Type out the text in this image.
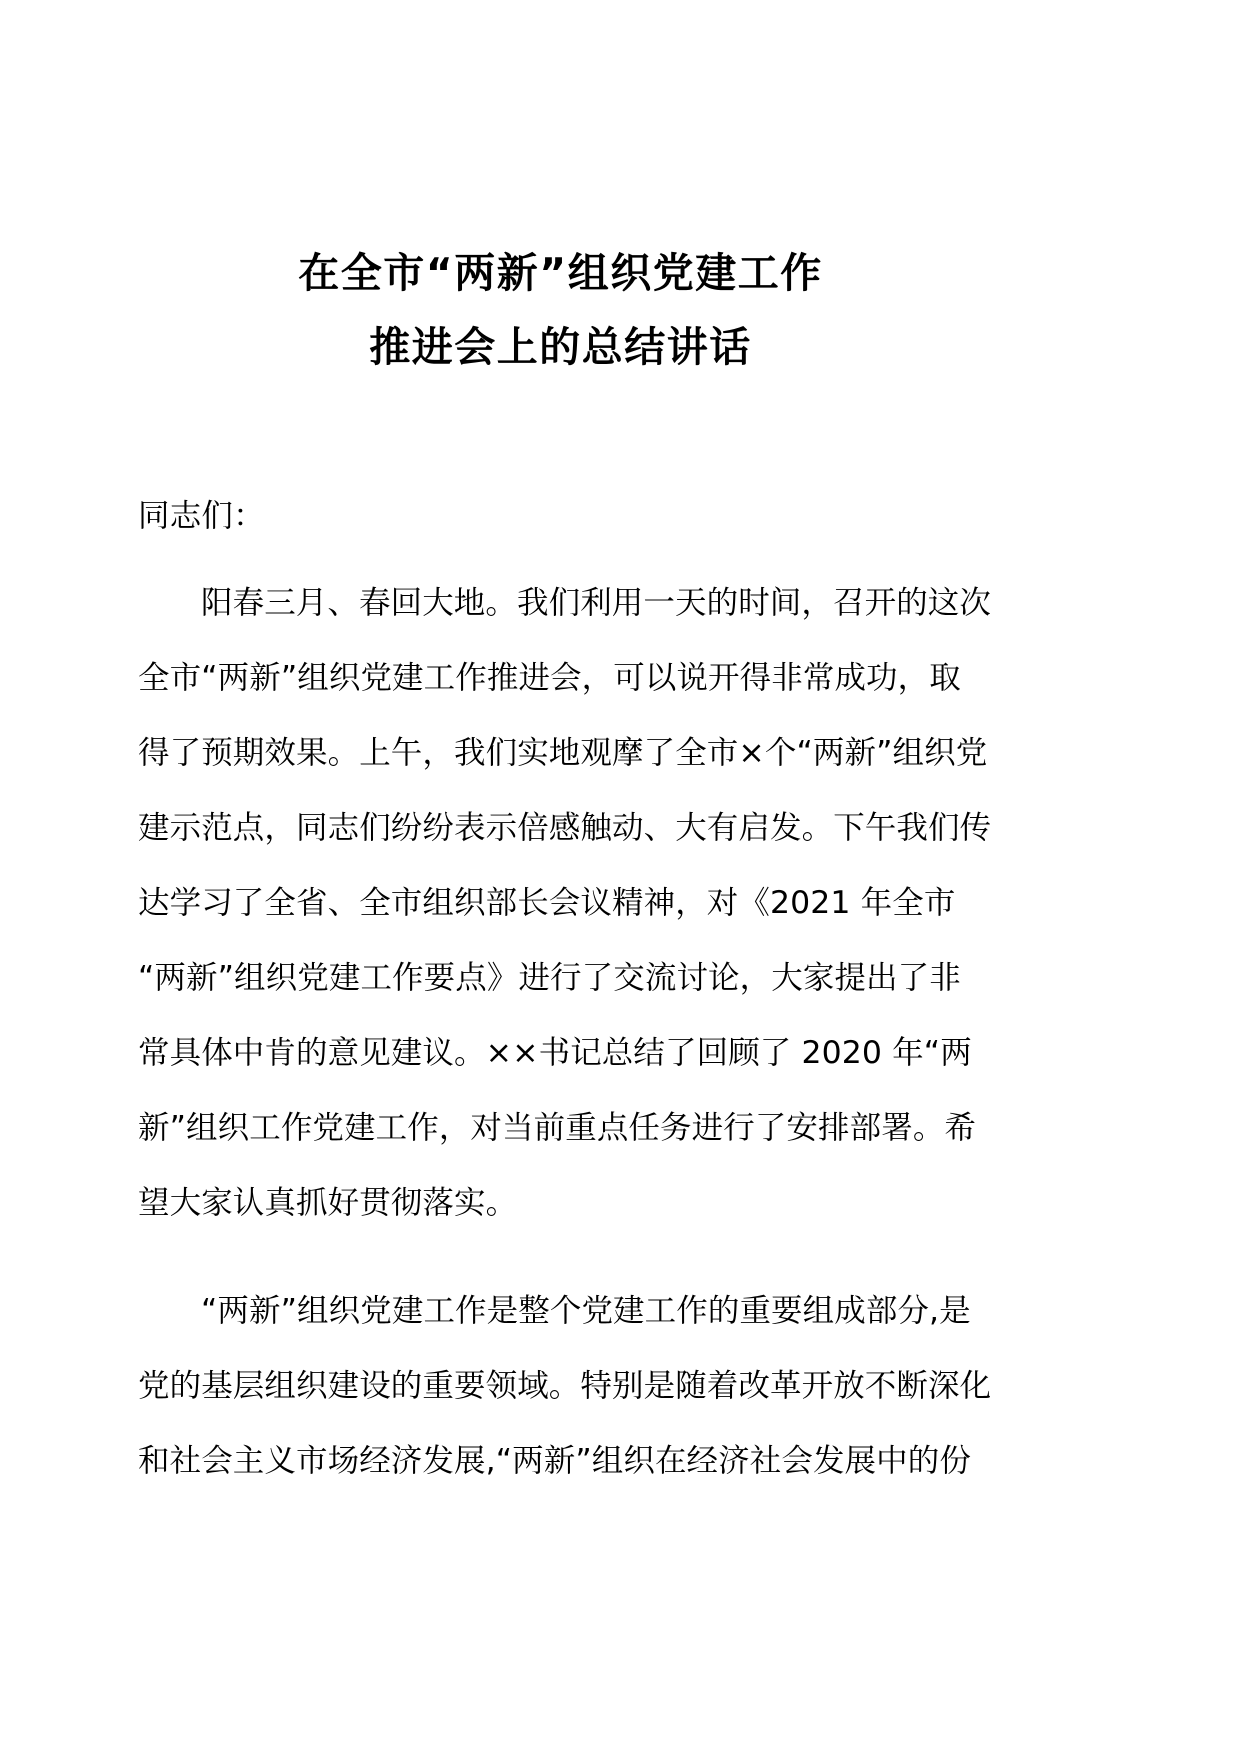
在全市“两新”组织党建工作
推进会上的总结讲话

同志们：

阳春三月、春回大地。我们利用一天的时间，召开的这次
全市“两新”组织党建工作推进会，可以说开得非常成功，取
得了预期效果。上午，我们实地观摩了全市×个“两新”组织党
建示范点，同志们纷纷表示倍感触动、大有启发。下午我们传
达学习了全省、全市组织部长会议精神，对《2021 年全市
“两新”组织党建工作要点》进行了交流讨论，大家提出了非
常具体中肯的意见建议。××书记总结了回顾了 2020 年“两
新”组织工作党建工作，对当前重点任务进行了安排部署。希
望大家认真抓好贯彻落实。

“两新”组织党建工作是整个党建工作的重要组成部分,是
党的基层组织建设的重要领域。特别是随着改革开放不断深化
和社会主义市场经济发展,“两新”组织在经济社会发展中的份
